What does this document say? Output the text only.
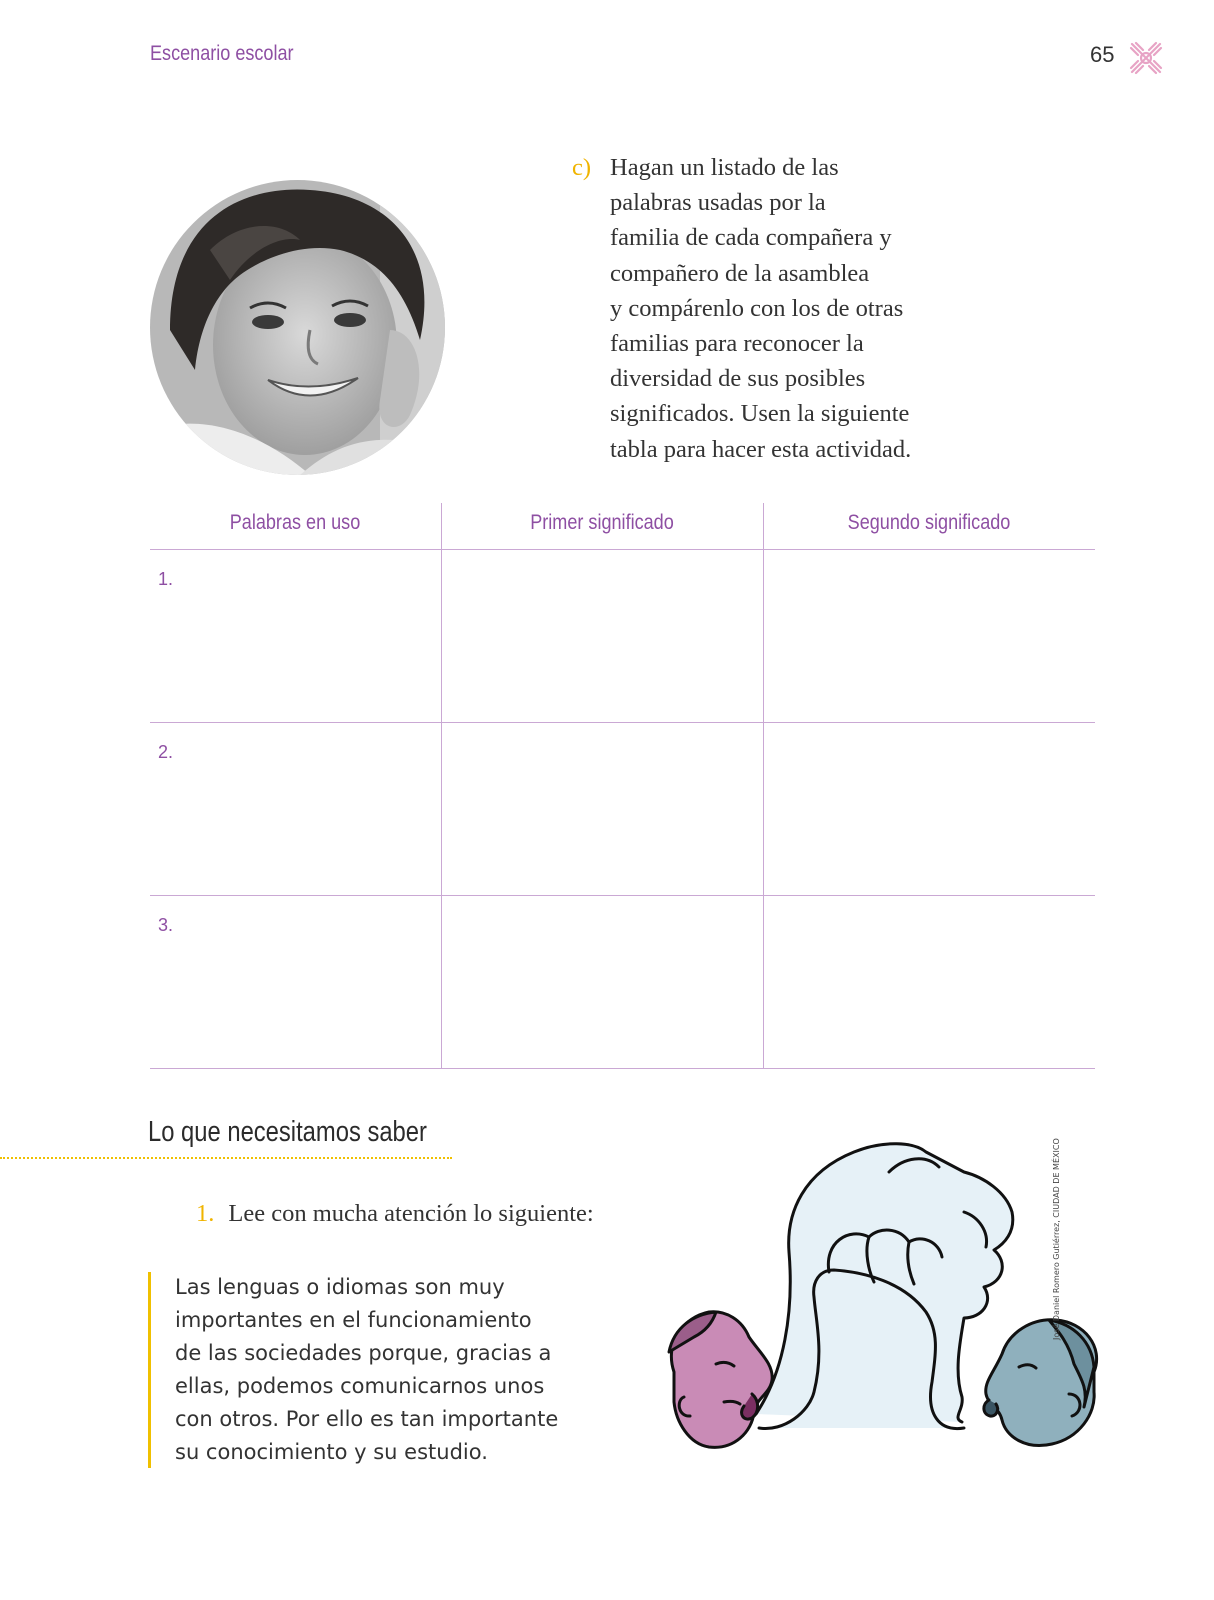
Escenario escolar	65
c) Hagan un listado de las
palabras usadas por la
familia de cada compañera y
compañero de la asamblea
y compárenlo con los de otras
familias para reconocer la
diversidad de sus posibles
significados. Usen la siguiente
tabla para hacer esta actividad.
Palabras en uso	Primer significado	Segundo significado
1.
2.
3.
Lo que necesitamos saber
1. Lee con mucha atención lo siguiente:
Las lenguas o idiomas son muy
importantes en el funcionamiento
de las sociedades porque, gracias a
ellas, podemos comunicarnos unos
con otros. Por ello es tan importante
su conocimiento y su estudio.
José Daniel Romero Gutiérrez, CIUDAD DE MÉXICO
